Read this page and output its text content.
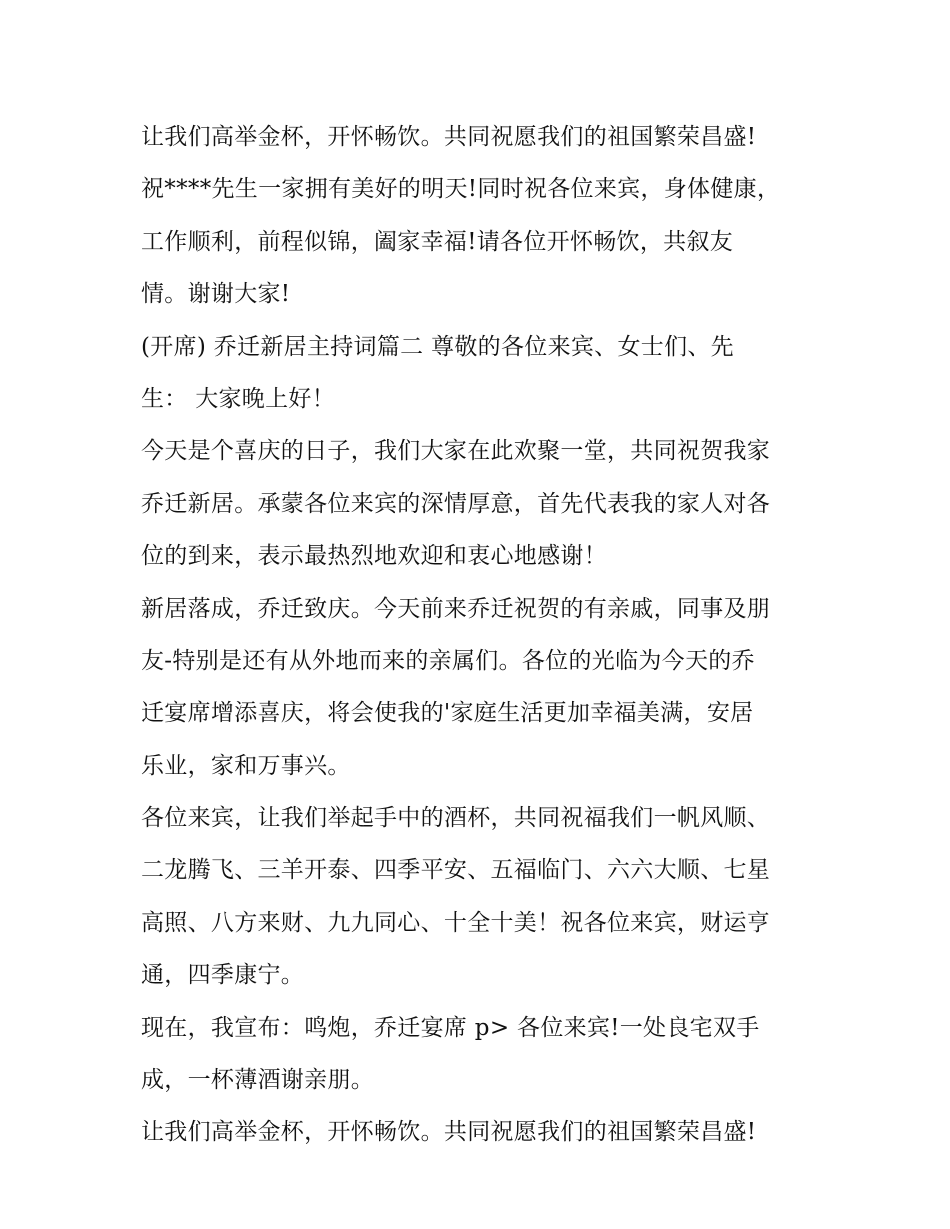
让我们高举金杯，开怀畅饮。共同祝愿我们的祖国繁荣昌盛!
祝****先生一家拥有美好的明天!同时祝各位来宾，身体健康，
工作顺利，前程似锦，阖家幸福!请各位开怀畅饮，共叙友
情。谢谢大家!
(开席) 乔迁新居主持词篇二 尊敬的各位来宾、女士们、先
生： 大家晚上好！
今天是个喜庆的日子，我们大家在此欢聚一堂，共同祝贺我家
乔迁新居。承蒙各位来宾的深情厚意，首先代表我的家人对各
位的到来，表示最热烈地欢迎和衷心地感谢！
新居落成，乔迁致庆。今天前来乔迁祝贺的有亲戚，同事及朋
友-特别是还有从外地而来的亲属们。各位的光临为今天的乔
迁宴席增添喜庆，将会使我的'家庭生活更加幸福美满，安居
乐业，家和万事兴。
各位来宾，让我们举起手中的酒杯，共同祝福我们一帆风顺、
二龙腾飞、三羊开泰、四季平安、五福临门、六六大顺、七星
高照、八方来财、九九同心、十全十美！祝各位来宾，财运亨
通，四季康宁。
现在，我宣布：鸣炮，乔迁宴席 p> 各位来宾!一处良宅双手
成，一杯薄酒谢亲朋。
让我们高举金杯，开怀畅饮。共同祝愿我们的祖国繁荣昌盛!
